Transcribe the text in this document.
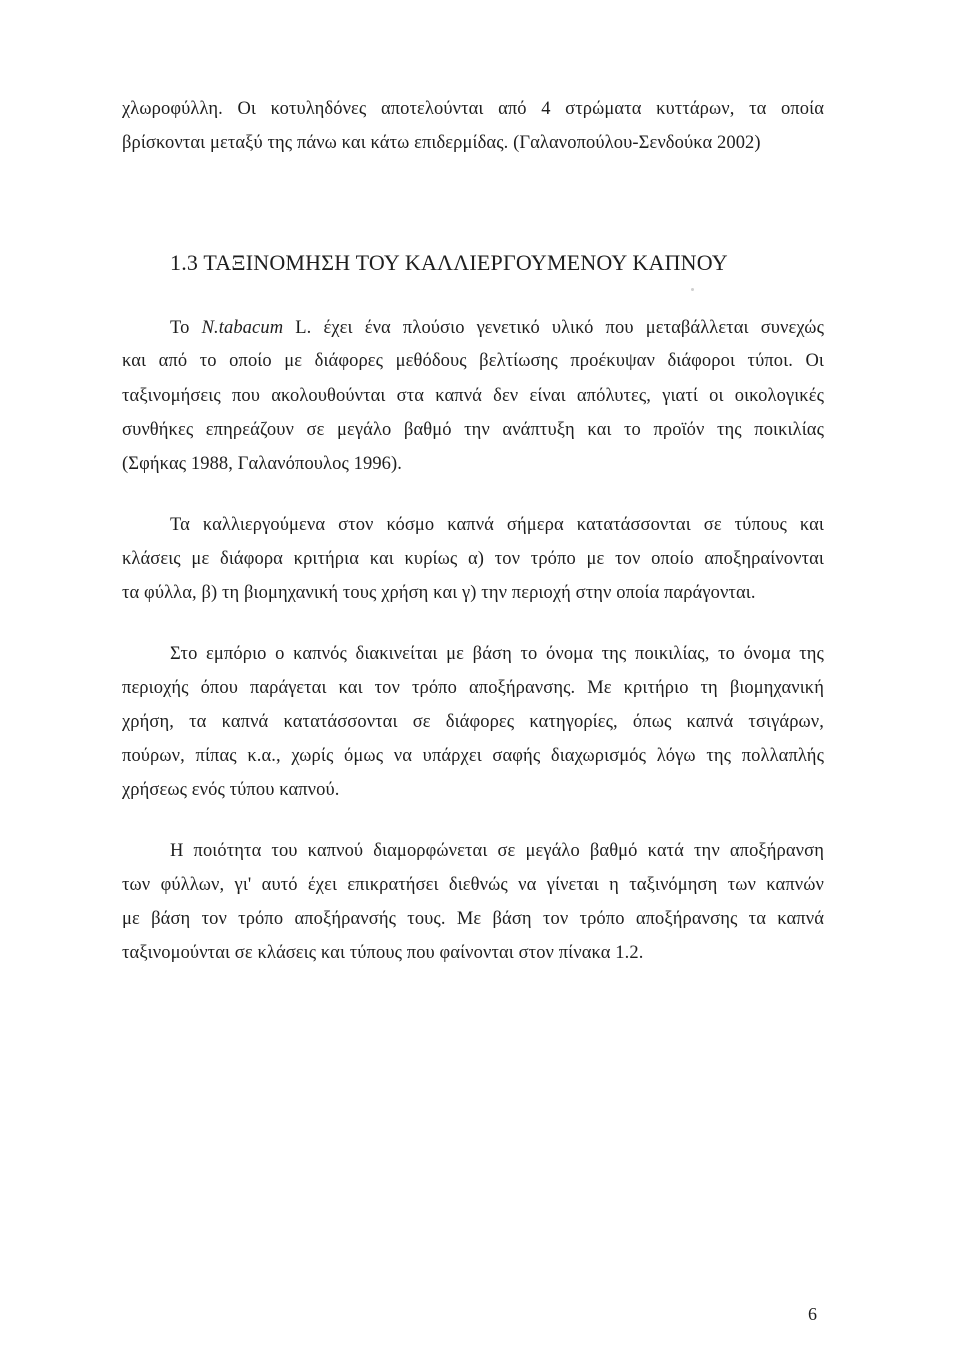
χλωροφύλλη. Οι κοτυληδόνες αποτελούνται από 4 στρώματα κυττάρων, τα οποία
βρίσκονται μεταξύ της πάνω και κάτω επιδερμίδας. (Γαλανοπούλου-Σενδούκα 2002)
1.3 ΤΑΞΙΝΟΜΗΣΗ ΤΟΥ ΚΑΛΛΙΕΡΓΟΥΜΕΝΟΥ ΚΑΠΝΟΥ
Το N.tabacum L. έχει ένα πλούσιο γενετικό υλικό που μεταβάλλεται συνεχώς
και από το οποίο με διάφορες μεθόδους βελτίωσης προέκυψαν διάφοροι τύποι. Οι
ταξινομήσεις που ακολουθούνται στα καπνά δεν είναι απόλυτες, γιατί οι οικολογικές
συνθήκες επηρεάζουν σε μεγάλο βαθμό την ανάπτυξη και το προϊόν της ποικιλίας
(Σφήκας 1988, Γαλανόπουλος 1996).
Τα καλλιεργούμενα στον κόσμο καπνά σήμερα κατατάσσονται σε τύπους και
κλάσεις με διάφορα κριτήρια και κυρίως α) τον τρόπο με τον οποίο αποξηραίνονται
τα φύλλα, β) τη βιομηχανική τους χρήση και γ) την περιοχή στην οποία παράγονται.
Στο εμπόριο ο καπνός διακινείται με βάση το όνομα της ποικιλίας, το όνομα της
περιοχής όπου παράγεται και τον τρόπο αποξήρανσης. Με κριτήριο τη βιομηχανική
χρήση, τα καπνά κατατάσσονται σε διάφορες κατηγορίες, όπως καπνά τσιγάρων,
πούρων, πίπας κ.α., χωρίς όμως να υπάρχει σαφής διαχωρισμός λόγω της πολλαπλής
χρήσεως ενός τύπου καπνού.
Η ποιότητα του καπνού διαμορφώνεται σε μεγάλο βαθμό κατά την αποξήρανση
των φύλλων, γι' αυτό έχει επικρατήσει διεθνώς να γίνεται η ταξινόμηση των καπνών
με βάση τον τρόπο αποξήρανσής τους. Με βάση τον τρόπο αποξήρανσης τα καπνά
ταξινομούνται σε κλάσεις και τύπους που φαίνονται στον πίνακα 1.2.
6
